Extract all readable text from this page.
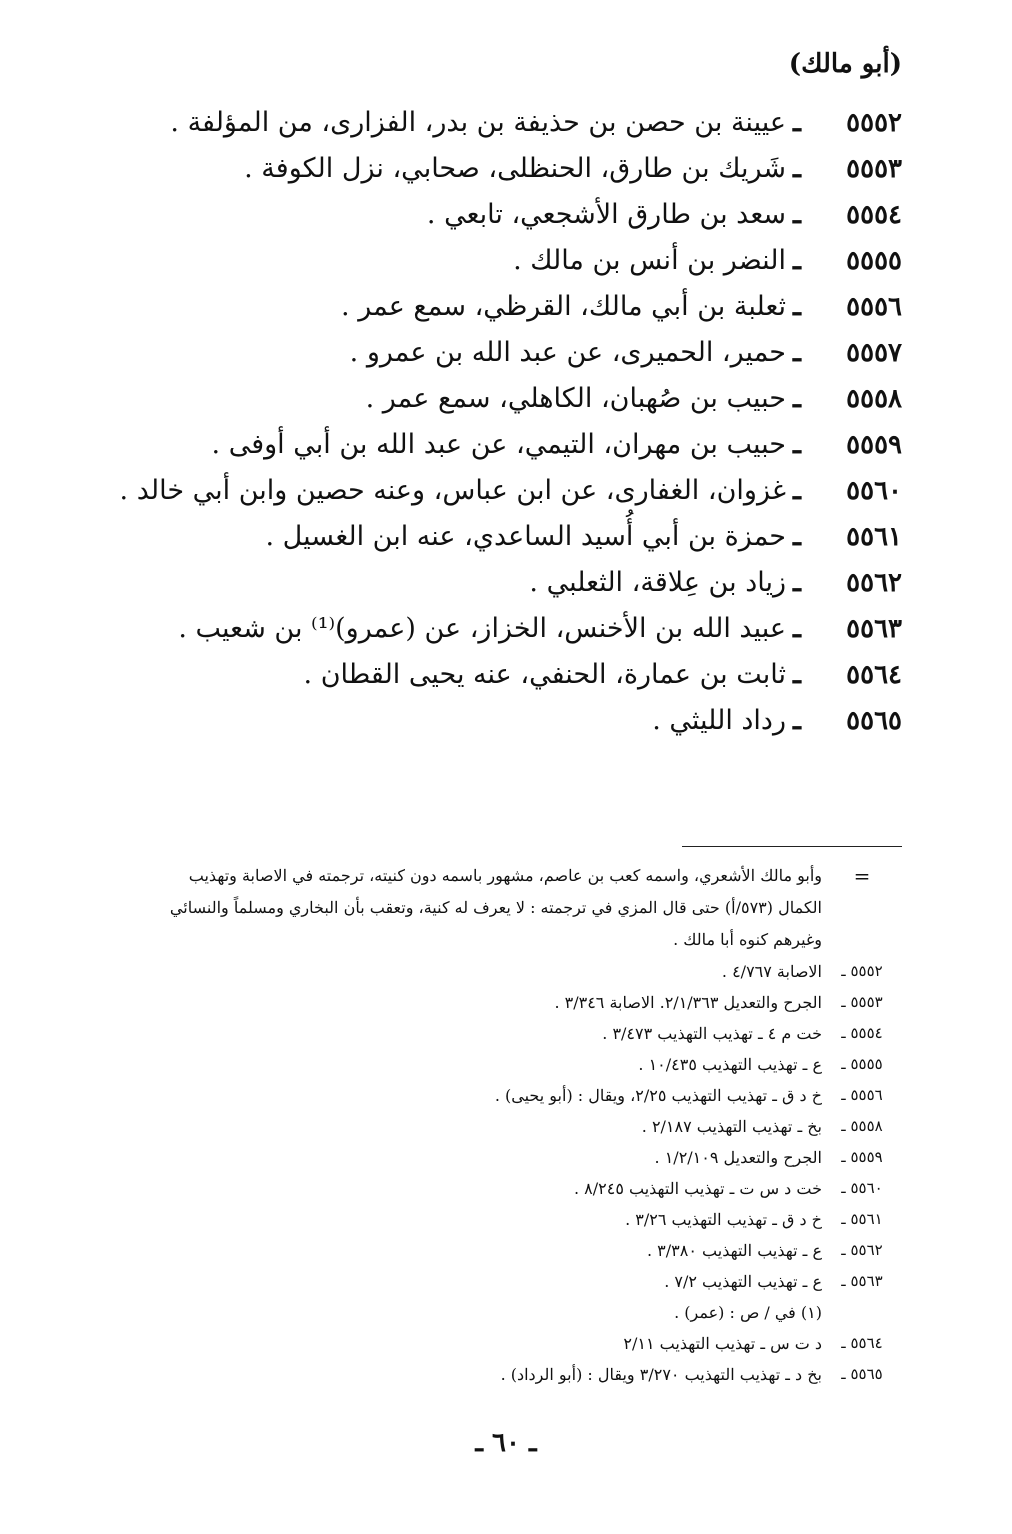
(أبو مالك)
٥٥٥٢
ـ
عيينة بن حصن بن حذيفة بن بدر، الفزارى، من المؤلفة .
٥٥٥٣
ـ
شَريك بن طارق، الحنظلى، صحابي، نزل الكوفة .
٥٥٥٤
ـ
سعد بن طارق الأشجعي، تابعي .
٥٥٥٥
ـ
النضر بن أنس بن مالك .
٥٥٥٦
ـ
ثعلبة بن أبي مالك، القرظي، سمع عمر .
٥٥٥٧
ـ
حمير، الحميرى، عن عبد الله بن عمرو .
٥٥٥٨
ـ
حبيب بن صُهبان، الكاهلي، سمع عمر .
٥٥٥٩
ـ
حبيب بن مهران، التيمي، عن عبد الله بن أبي أوفى .
٥٥٦٠
ـ
غزوان، الغفارى، عن ابن عباس، وعنه حصين وابن أبي خالد .
٥٥٦١
ـ
حمزة بن أبي أُسيد الساعدي، عنه ابن الغسيل .
٥٥٦٢
ـ
زياد بن عِلاقة، الثعلبي .
٥٥٦٣
ـ
عبيد الله بن الأخنس، الخزاز، عن (عمرو)⁽¹⁾ بن شعيب .
٥٥٦٤
ـ
ثابت بن عمارة، الحنفي، عنه يحيى القطان .
٥٥٦٥
ـ
رداد الليثي .
=
وأبو مالك الأشعري، واسمه كعب بن عاصم، مشهور باسمه دون كنيته، ترجمته في الاصابة وتهذيب
الكمال (٥٧٣/أ) حتى قال المزي في ترجمته : لا يعرف له كنية، وتعقب بأن البخاري ومسلماً والنسائي
وغيرهم كنوه أبا مالك .
٥٥٥٢ ـ
الاصابة ٤/٧٦٧ .
٥٥٥٣ ـ
الجرح والتعديل ٢/١/٣٦٣. الاصابة ٣/٣٤٦ .
٥٥٥٤ ـ
خت م ٤ ـ تهذيب التهذيب ٣/٤٧٣ .
٥٥٥٥ ـ
ع ـ تهذيب التهذيب ١٠/٤٣٥ .
٥٥٥٦ ـ
خ د ق ـ تهذيب التهذيب ٢/٢٥، ويقال : (أبو يحيى) .
٥٥٥٨ ـ
بخ ـ تهذيب التهذيب ٢/١٨٧ .
٥٥٥٩ ـ
الجرح والتعديل ١/٢/١٠٩ .
٥٥٦٠ ـ
خت د س ت ـ تهذيب التهذيب ٨/٢٤٥ .
٥٥٦١ ـ
خ د ق ـ تهذيب التهذيب ٣/٢٦ .
٥٥٦٢ ـ
ع ـ تهذيب التهذيب ٣/٣٨٠ .
٥٥٦٣ ـ
ع ـ تهذيب التهذيب ٧/٢ .
(١) في / ص : (عمر) .
٥٥٦٤ ـ
د ت س ـ تهذيب التهذيب ٢/١١
٥٥٦٥ ـ
بخ د ـ تهذيب التهذيب ٣/٢٧٠ ويقال : (أبو الرداد) .
ـ ٦٠ ـ
